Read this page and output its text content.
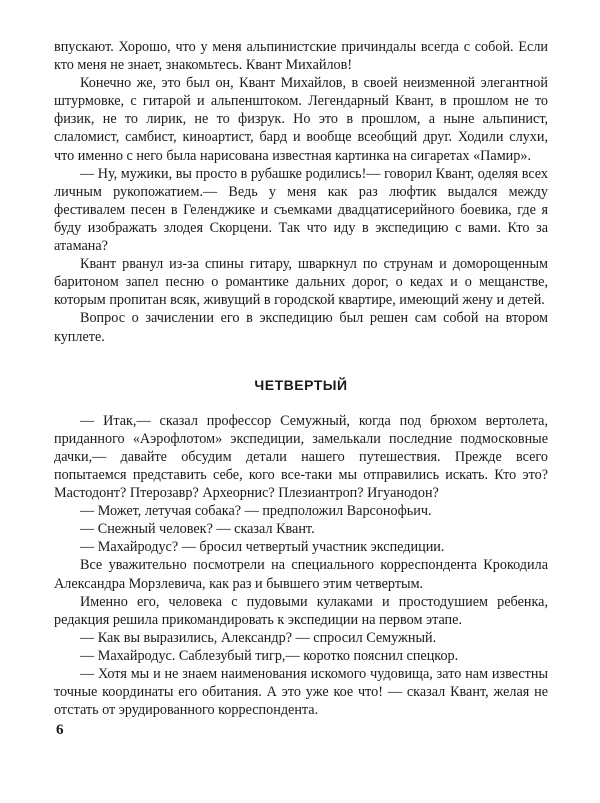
впускают. Хорошо, что у меня альпинистские причиндалы всегда с собой. Если кто меня не знает, знакомьтесь. Квант Михайлов!

Конечно же, это был он, Квант Михайлов, в своей неизменной элегантной штурмовке, с гитарой и альпенштоком. Легендарный Квант, в прошлом не то физик, не то лирик, не то физрук. Но это в прошлом, а ныне альпинист, слаломист, самбист, киноартист, бард и вообще всеобщий друг. Ходили слухи, что именно с него была нарисована известная картинка на сигаретах «Памир».

— Ну, мужики, вы просто в рубашке родились!— говорил Квант, оделяя всех личным рукопожатием.— Ведь у меня как раз люфтик выдался между фестивалем песен в Геленджике и съемками двадцатисерийного боевика, где я буду изображать злодея Скорцени. Так что иду в экспедицию с вами. Кто за атамана?

Квант рванул из-за спины гитару, шваркнул по струнам и доморощенным баритоном запел песню о романтике дальних дорог, о кедах и о мещанстве, которым пропитан всяк, живущий в городской квартире, имеющий жену и детей.

Вопрос о зачислении его в экспедицию был решен сам собой на втором куплете.

ЧЕТВЕРТЫЙ

— Итак,— сказал профессор Семужный, когда под брюхом вертолета, приданного «Аэрофлотом» экспедиции, замелькали последние подмосковные дачки,— давайте обсудим детали нашего путешествия. Прежде всего попытаемся представить себе, кого все-таки мы отправились искать. Кто это? Мастодонт? Птерозавр? Археорнис? Плезиантроп? Игуанодон?

— Может, летучая собака? — предположил Варсонофьич.

— Снежный человек? — сказал Квант.

— Махайродус? — бросил четвертый участник экспедиции.

Все уважительно посмотрели на специального корреспондента Крокодила Александра Морзлевича, как раз и бывшего этим четвертым.

Именно его, человека с пудовыми кулаками и простодушием ребенка, редакция решила прикомандировать к экспедиции на первом этапе.

— Как вы выразились, Александр? — спросил Семужный.

— Махайродус. Саблезубый тигр,— коротко пояснил спецкор.

— Хотя мы и не знаем наименования искомого чудовища, зато нам известны точные координаты его обитания. А это уже кое что! — сказал Квант, желая не отстать от эрудированного корреспондента.

6
